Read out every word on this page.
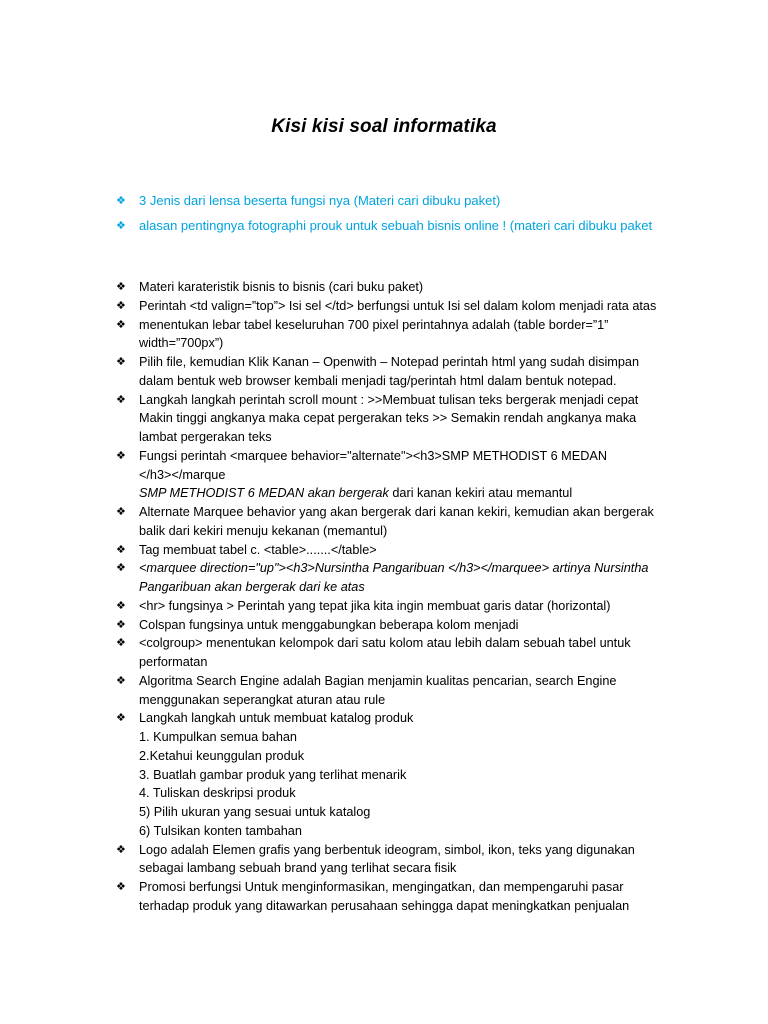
Kisi kisi soal informatika
❖ 3 Jenis dari lensa beserta fungsi nya (Materi cari dibuku paket)
❖ alasan pentingnya fotographi prouk untuk sebuah bisnis online ! (materi cari dibuku paket
❖ Materi karateristik bisnis to bisnis (cari buku paket)
❖ Perintah <td valign=”top”> Isi sel </td> berfungsi untuk Isi sel dalam kolom menjadi rata atas
❖ menentukan lebar tabel keseluruhan 700 pixel perintahnya adalah (table border=”1”
width=”700px”)
❖ Pilih file, kemudian Klik Kanan – Openwith – Notepad perintah html yang sudah disimpan
dalam bentuk web browser kembali menjadi tag/perintah html dalam bentuk notepad.
❖ Langkah langkah perintah scroll mount : >>Membuat tulisan teks bergerak menjadi cepat
Makin tinggi angkanya maka cepat pergerakan teks >> Semakin rendah angkanya maka
lambat pergerakan teks
❖ Fungsi perintah <marquee behavior="alternate"><h3>SMP METHODIST 6 MEDAN
</h3></marque
SMP METHODIST 6 MEDAN akan bergerak dari kanan kekiri atau memantul
❖ Alternate Marquee behavior yang akan bergerak dari kanan kekiri, kemudian akan bergerak
balik dari kekiri menuju kekanan (memantul)
❖ Tag membuat tabel c. <table>.......</table>
❖ <marquee direction="up"><h3>Nursintha Pangaribuan </h3></marquee> artinya Nursintha
Pangaribuan akan bergerak dari ke atas
❖ <hr> fungsinya > Perintah yang tepat jika kita ingin membuat garis datar (horizontal)
❖ Colspan fungsinya untuk menggabungkan beberapa kolom menjadi
❖ <colgroup> menentukan kelompok dari satu kolom atau lebih dalam sebuah tabel untuk
performatan
❖ Algoritma Search Engine adalah Bagian menjamin kualitas pencarian, search Engine
menggunakan seperangkat aturan atau rule
❖ Langkah langkah untuk membuat katalog produk
1. Kumpulkan semua bahan
2.Ketahui keunggulan produk
3. Buatlah gambar produk yang terlihat menarik
4. Tuliskan deskripsi produk
5) Pilih ukuran yang sesuai untuk katalog
6) Tulsikan konten tambahan
❖ Logo adalah Elemen grafis yang berbentuk ideogram, simbol, ikon, teks yang digunakan
sebagai lambang sebuah brand yang terlihat secara fisik
❖ Promosi berfungsi Untuk menginformasikan, mengingatkan, dan mempengaruhi pasar
terhadap produk yang ditawarkan perusahaan sehingga dapat meningkatkan penjualan
